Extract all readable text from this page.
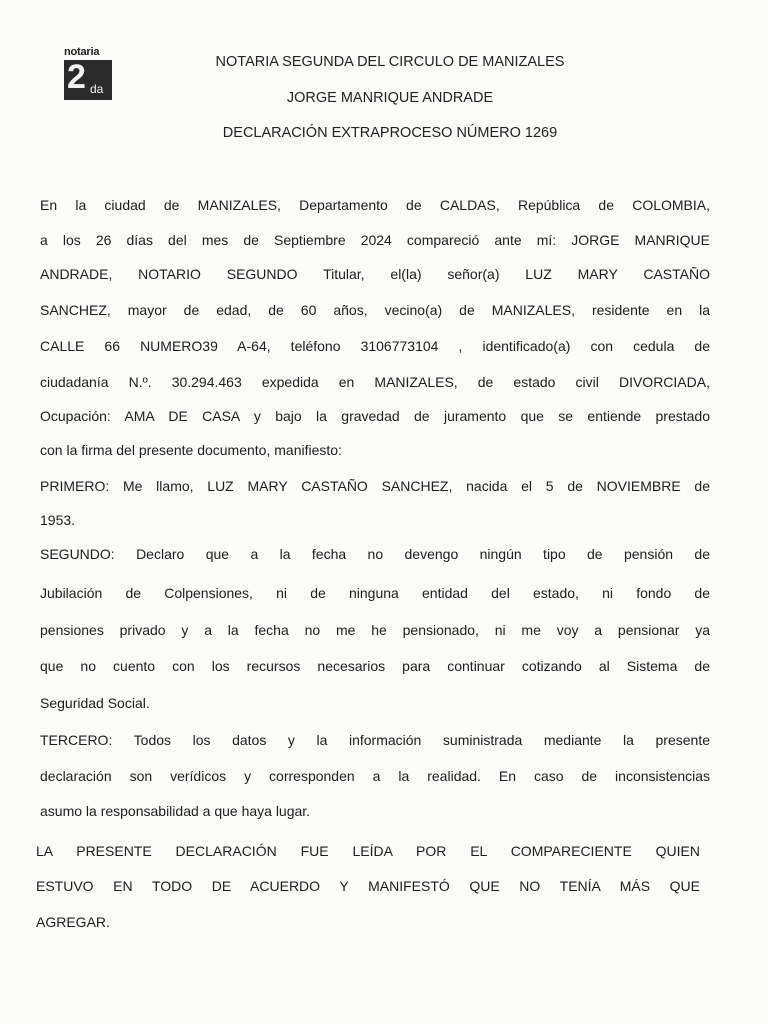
notaria
2 da
NOTARIA SEGUNDA DEL CIRCULO DE MANIZALES
JORGE MANRIQUE ANDRADE
DECLARACIÓN EXTRAPROCESO NÚMERO 1269
En la ciudad de MANIZALES, Departamento de CALDAS, República de COLOMBIA,
a los 26 días del mes de Septiembre 2024 compareció ante mí: JORGE MANRIQUE
ANDRADE, NOTARIO SEGUNDO Titular, el(la) señor(a) LUZ MARY CASTAÑO
SANCHEZ, mayor de edad, de 60 años, vecino(a) de MANIZALES, residente en la
CALLE 66 NUMERO39 A-64, teléfono 3106773104 , identificado(a) con cedula de
ciudadanía N.º. 30.294.463 expedida en MANIZALES, de estado civil DIVORCIADA,
Ocupación: AMA DE CASA y bajo la gravedad de juramento que se entiende prestado
con la firma del presente documento, manifiesto:
PRIMERO: Me llamo, LUZ MARY CASTAÑO SANCHEZ, nacida el 5 de NOVIEMBRE de
1953.
SEGUNDO: Declaro que a la fecha no devengo ningún tipo de pensión de
Jubilación de Colpensiones, ni de ninguna entidad del estado, ni fondo de
pensiones privado y a la fecha no me he pensionado, ni me voy a pensionar ya
que no cuento con los recursos necesarios para continuar cotizando al Sistema de
Seguridad Social.
TERCERO: Todos los datos y la información suministrada mediante la presente
declaración son verídicos y corresponden a la realidad. En caso de inconsistencias
asumo la responsabilidad a que haya lugar.
LA PRESENTE DECLARACIÓN FUE LEÍDA POR EL COMPARECIENTE QUIEN
ESTUVO EN TODO DE ACUERDO Y MANIFESTÓ QUE NO TENÍA MÁS QUE
AGREGAR.
